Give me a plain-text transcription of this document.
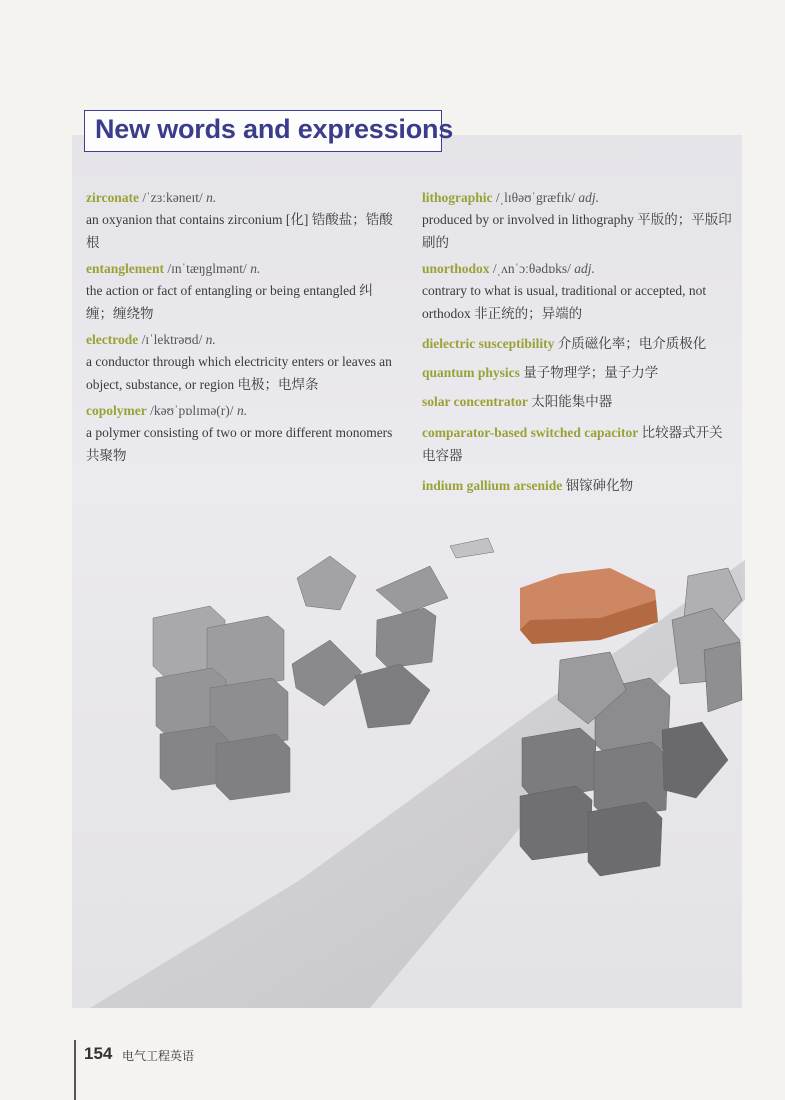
New words and expressions
zirconate /ˈzɜːkəneɪt/ n.
an oxyanion that contains zirconium [化] 锆酸盐；锆酸根
entanglement /ɪnˈtæŋglmənt/ n.
the action or fact of entangling or being entangled 纠缠；缠绕物
electrode /ɪˈlektrəʊd/ n.
a conductor through which electricity enters or leaves an object, substance, or region 电极；电焊条
copolymer /kəʊˈpɒlɪmə(r)/ n.
a polymer consisting of two or more different monomers 共聚物
lithographic /ˌlɪθəʊˈgræfɪk/ adj.
produced by or involved in lithography 平版的；平版印刷的
unorthodox /ˌʌnˈɔːθədɒks/ adj.
contrary to what is usual, traditional or accepted, not orthodox 非正统的；异端的
dielectric susceptibility 介质磁化率；电介质极化
quantum physics 量子物理学；量子力学
solar concentrator 太阳能集中器
comparator-based switched capacitor 比较器式开关电容器
indium gallium arsenide 铟镓砷化物
154 电气工程英语
